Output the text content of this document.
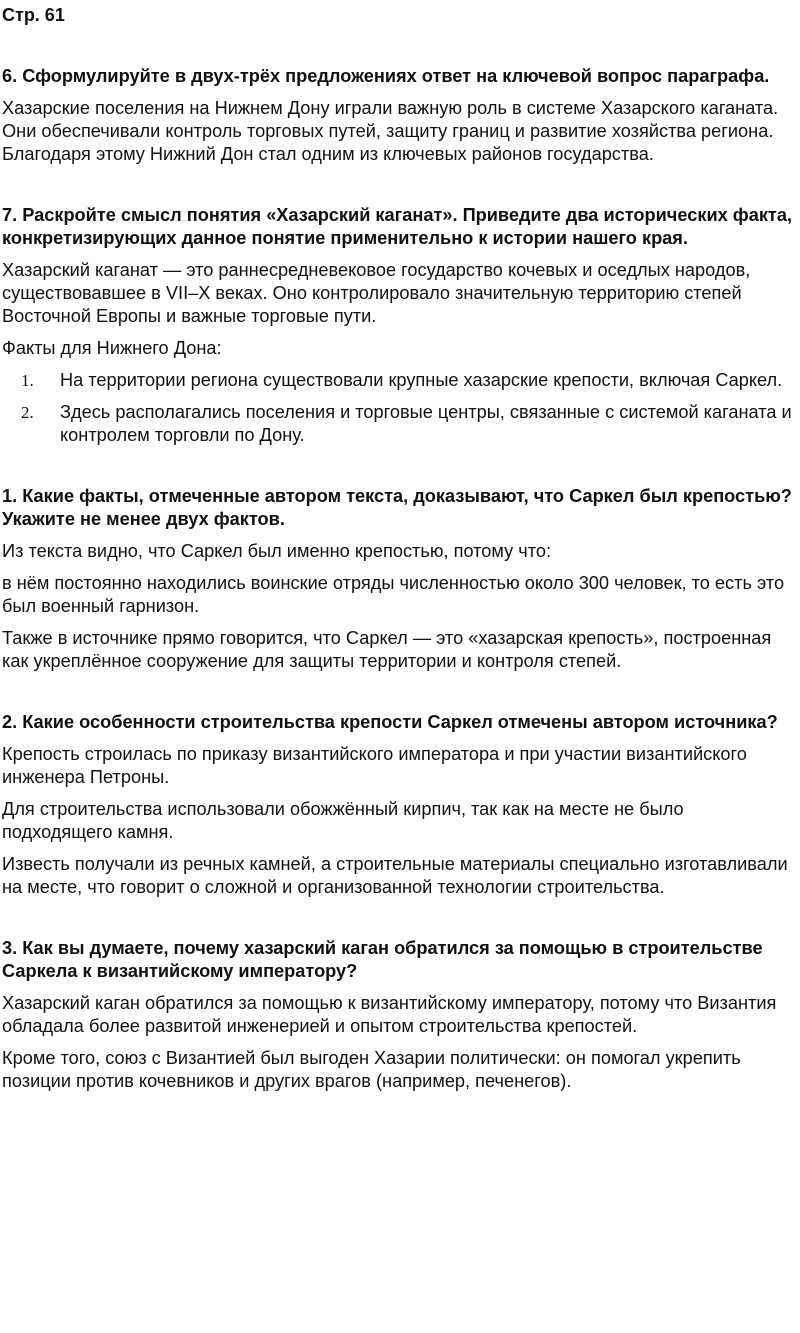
Стр. 61
6. Сформулируйте в двух-трёх предложениях ответ на ключевой вопрос параграфа.
Хазарские поселения на Нижнем Дону играли важную роль в системе Хазарского каганата. Они обеспечивали контроль торговых путей, защиту границ и развитие хозяйства региона. Благодаря этому Нижний Дон стал одним из ключевых районов государства.
7. Раскройте смысл понятия «Хазарский каганат». Приведите два исторических факта, конкретизирующих данное понятие применительно к истории нашего края.
Хазарский каганат — это раннесредневековое государство кочевых и оседлых народов, существовавшее в VII–X веках. Оно контролировало значительную территорию степей Восточной Европы и важные торговые пути.
Факты для Нижнего Дона:
1.	На территории региона существовали крупные хазарские крепости, включая Саркел.
2.	Здесь располагались поселения и торговые центры, связанные с системой каганата и контролем торговли по Дону.
1. Какие факты, отмеченные автором текста, доказывают, что Саркел был крепостью? Укажите не менее двух фактов.
Из текста видно, что Саркел был именно крепостью, потому что:
в нём постоянно находились воинские отряды численностью около 300 человек, то есть это был военный гарнизон.
Также в источнике прямо говорится, что Саркел — это «хазарская крепость», построенная как укреплённое сооружение для защиты территории и контроля степей.
2. Какие особенности строительства крепости Саркел отмечены автором источника?
Крепость строилась по приказу византийского императора и при участии византийского инженера Петроны.
Для строительства использовали обожжённый кирпич, так как на месте не было подходящего камня.
Известь получали из речных камней, а строительные материалы специально изготавливали на месте, что говорит о сложной и организованной технологии строительства.
3. Как вы думаете, почему хазарский каган обратился за помощью в строительстве Саркела к византийскому императору?
Хазарский каган обратился за помощью к византийскому императору, потому что Византия обладала более развитой инженерией и опытом строительства крепостей.
Кроме того, союз с Византией был выгоден Хазарии политически: он помогал укрепить позиции против кочевников и других врагов (например, печенегов).
